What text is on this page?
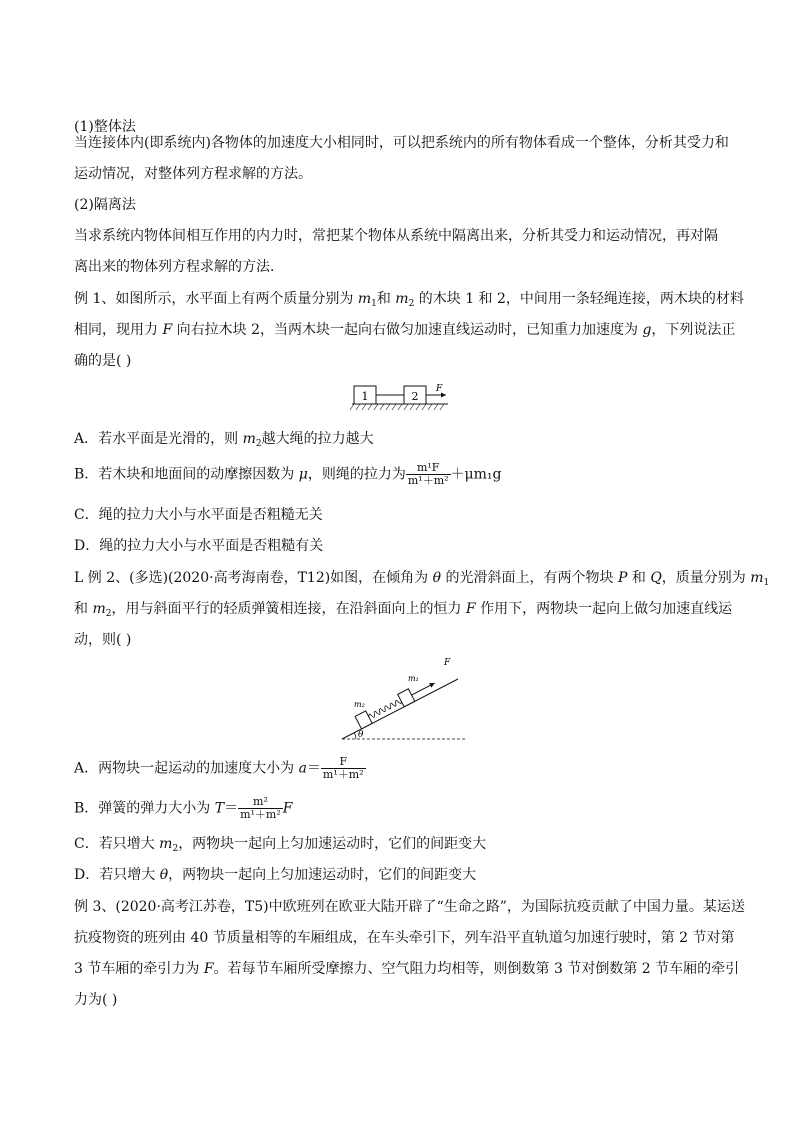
(1)整体法
当连接体内(即系统内)各物体的加速度大小相同时，可以把系统内的所有物体看成一个整体，分析其受力和
运动情况，对整体列方程求解的方法。
(2)隔离法
当求系统内物体间相互作用的内力时，常把某个物体从系统中隔离出来，分析其受力和运动情况，再对隔
离出来的物体列方程求解的方法．
例 1、如图所示，水平面上有两个质量分别为 $m_1$和 $m_2$ 的木块 1 和 2，中间用一条轻绳连接，两木块的材料
相同，现用力 F 向右拉木块 2，当两木块一起向右做匀加速直线运动时，已知重力加速度为 g，下列说法正
确的是( )
1	2
F
A．若水平面是光滑的，则 $m_2$越大绳的拉力越大
B．若木块和地面间的动摩擦因数为 μ，则绳的拉力为 $\frac{\text{m¹F}}{\text{m¹＋m²}} +\mu m_1g$
C．绳的拉力大小与水平面是否粗糙无关
D．绳的拉力大小与水平面是否粗糙有关
L 例 2、(多选)(2020·高考海南卷，T12)如图，在倾角为 θ 的光滑斜面上，有两个物块 P 和 Q，质量分别为 $m_1$
和 $m_2$，用与斜面平行的轻质弹簧相连接，在沿斜面向上的恒力 F 作用下，两物块一起向上做匀加速直线运
动，则( )
θ
F
m₁
m₂
A．两物块一起运动的加速度大小为 $a= \frac{F}{\text{m¹＋m²}}$
B．弹簧的弹力大小为 $T= \frac{\text{m²}}{\text{m¹＋m²}}$ F
C．若只增大 $m_2$，两物块一起向上匀加速运动时，它们的间距变大
D．若只增大 θ，两物块一起向上匀加速运动时，它们的间距变大
例 3、(2020·高考江苏卷，T5)中欧班列在欧亚大陆开辟了“生命之路”，为国际抗疫贡献了中国力量。某运送
抗疫物资的班列由 40 节质量相等的车厢组成，在车头牵引下，列车沿平直轨道匀加速行驶时，第 2 节对第
3 节车厢的牵引力为 F。若每节车厢所受摩擦力、空气阻力均相等，则倒数第 3 节对倒数第 2 节车厢的牵引
力为( )
